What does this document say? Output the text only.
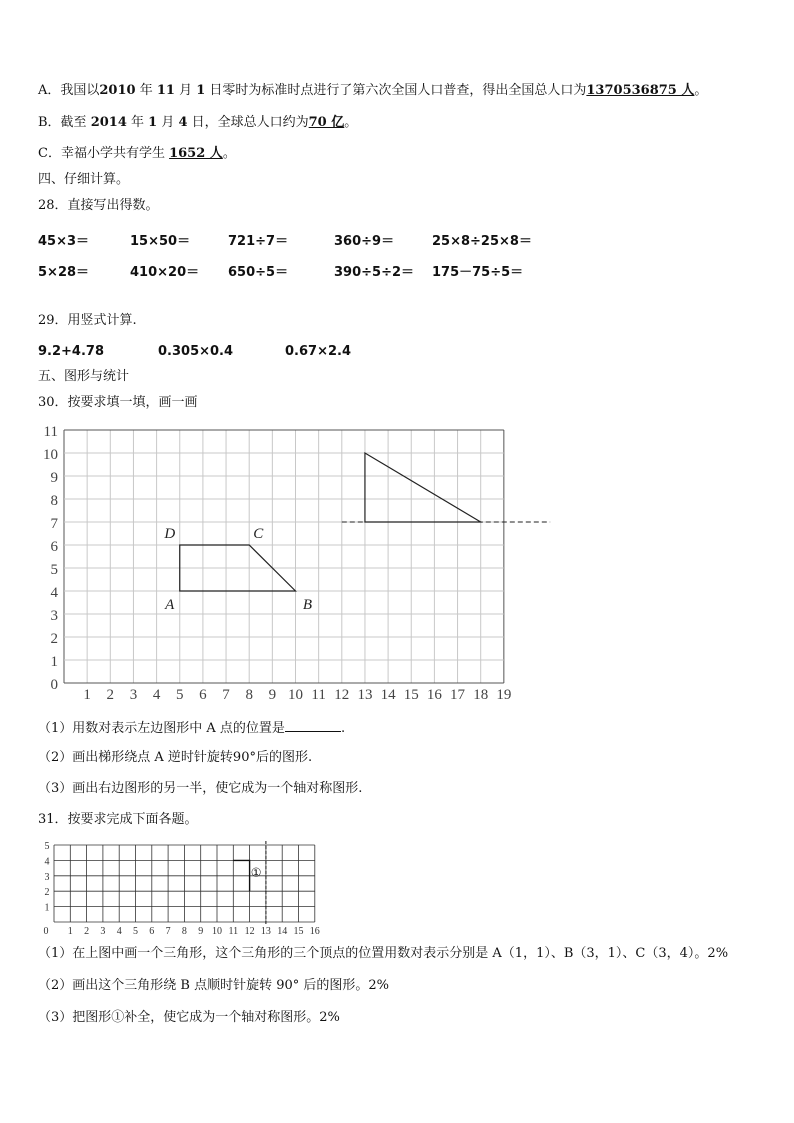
A．我国以2010 年 11 月 1 日零时为标准时点进行了第六次全国人口普查，得出全国总人口为1370536875 人。
B．截至 2014 年 1 月 4 日，全球总人口约为70 亿。
C．幸福小学共有学生 1652 人。
四、仔细计算。
28．直接写出得数。
45×3＝	15×50＝	721÷7＝	360÷9＝	25×8÷25×8＝
5×28＝	410×20＝ 650÷5＝	390÷5÷2＝ 175－75÷5＝
29．用竖式计算.
9.2+4.78	0.305×0.4	0.67×2.4
五、图形与统计
30．按要求填一填，画一画
1 2 3 4 5 6 7 8 9 10 11 12 13 14 15 16 17 18 19
0
1
2
3
4
5
6
7
8
9
10
11
A	B
C
D
（1）用数对表示左边图形中 A 点的位置是	.
（2）画出梯形绕点 A 逆时针旋转90°后的图形.
（3）画出右边图形的另一半，使它成为一个轴对称图形.
31．按要求完成下面各题。
0 1 2 3 4 5 6 7 8 9 10 11 12 13 14 15 16
1
2
3
4
5
①
（1）在上图中画一个三角形，这个三角形的三个顶点的位置用数对表示分别是 A（1，1）、B（3，1）、C（3，4）。2%
（2）画出这个三角形绕 B 点顺时针旋转 90° 后的图形。2%
（3）把图形①补全，使它成为一个轴对称图形。2%
